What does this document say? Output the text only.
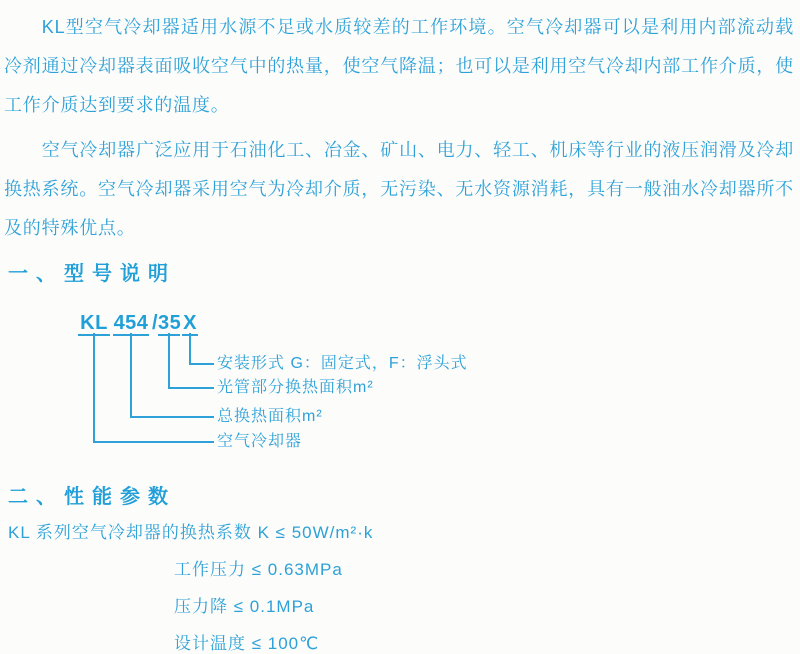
KL型空气冷却器适用水源不足或水质较差的工作环境。空气冷却器可以是利用内部流动载冷剂通过冷却器表面吸收空气中的热量，使空气降温；也可以是利用空气冷却内部工作介质，使工作介质达到要求的温度。

空气冷却器广泛应用于石油化工、冶金、矿山、电力、轻工、机床等行业的液压润滑及冷却换热系统。空气冷却器采用空气为冷却介质，无污染、无水资源消耗，具有一般油水冷却器所不及的特殊优点。

一、型号说明
KL 454 / 35 X
安装形式 G：固定式，F：浮头式
光管部分换热面积m²
总换热面积m²
空气冷却器
二、性能参数

KL 系列空气冷却器的换热系数 K ≤ 50W/m²·k

工作压力 ≤ 0.63MPa

压力降 ≤ 0.1MPa

设计温度 ≤ 100℃
